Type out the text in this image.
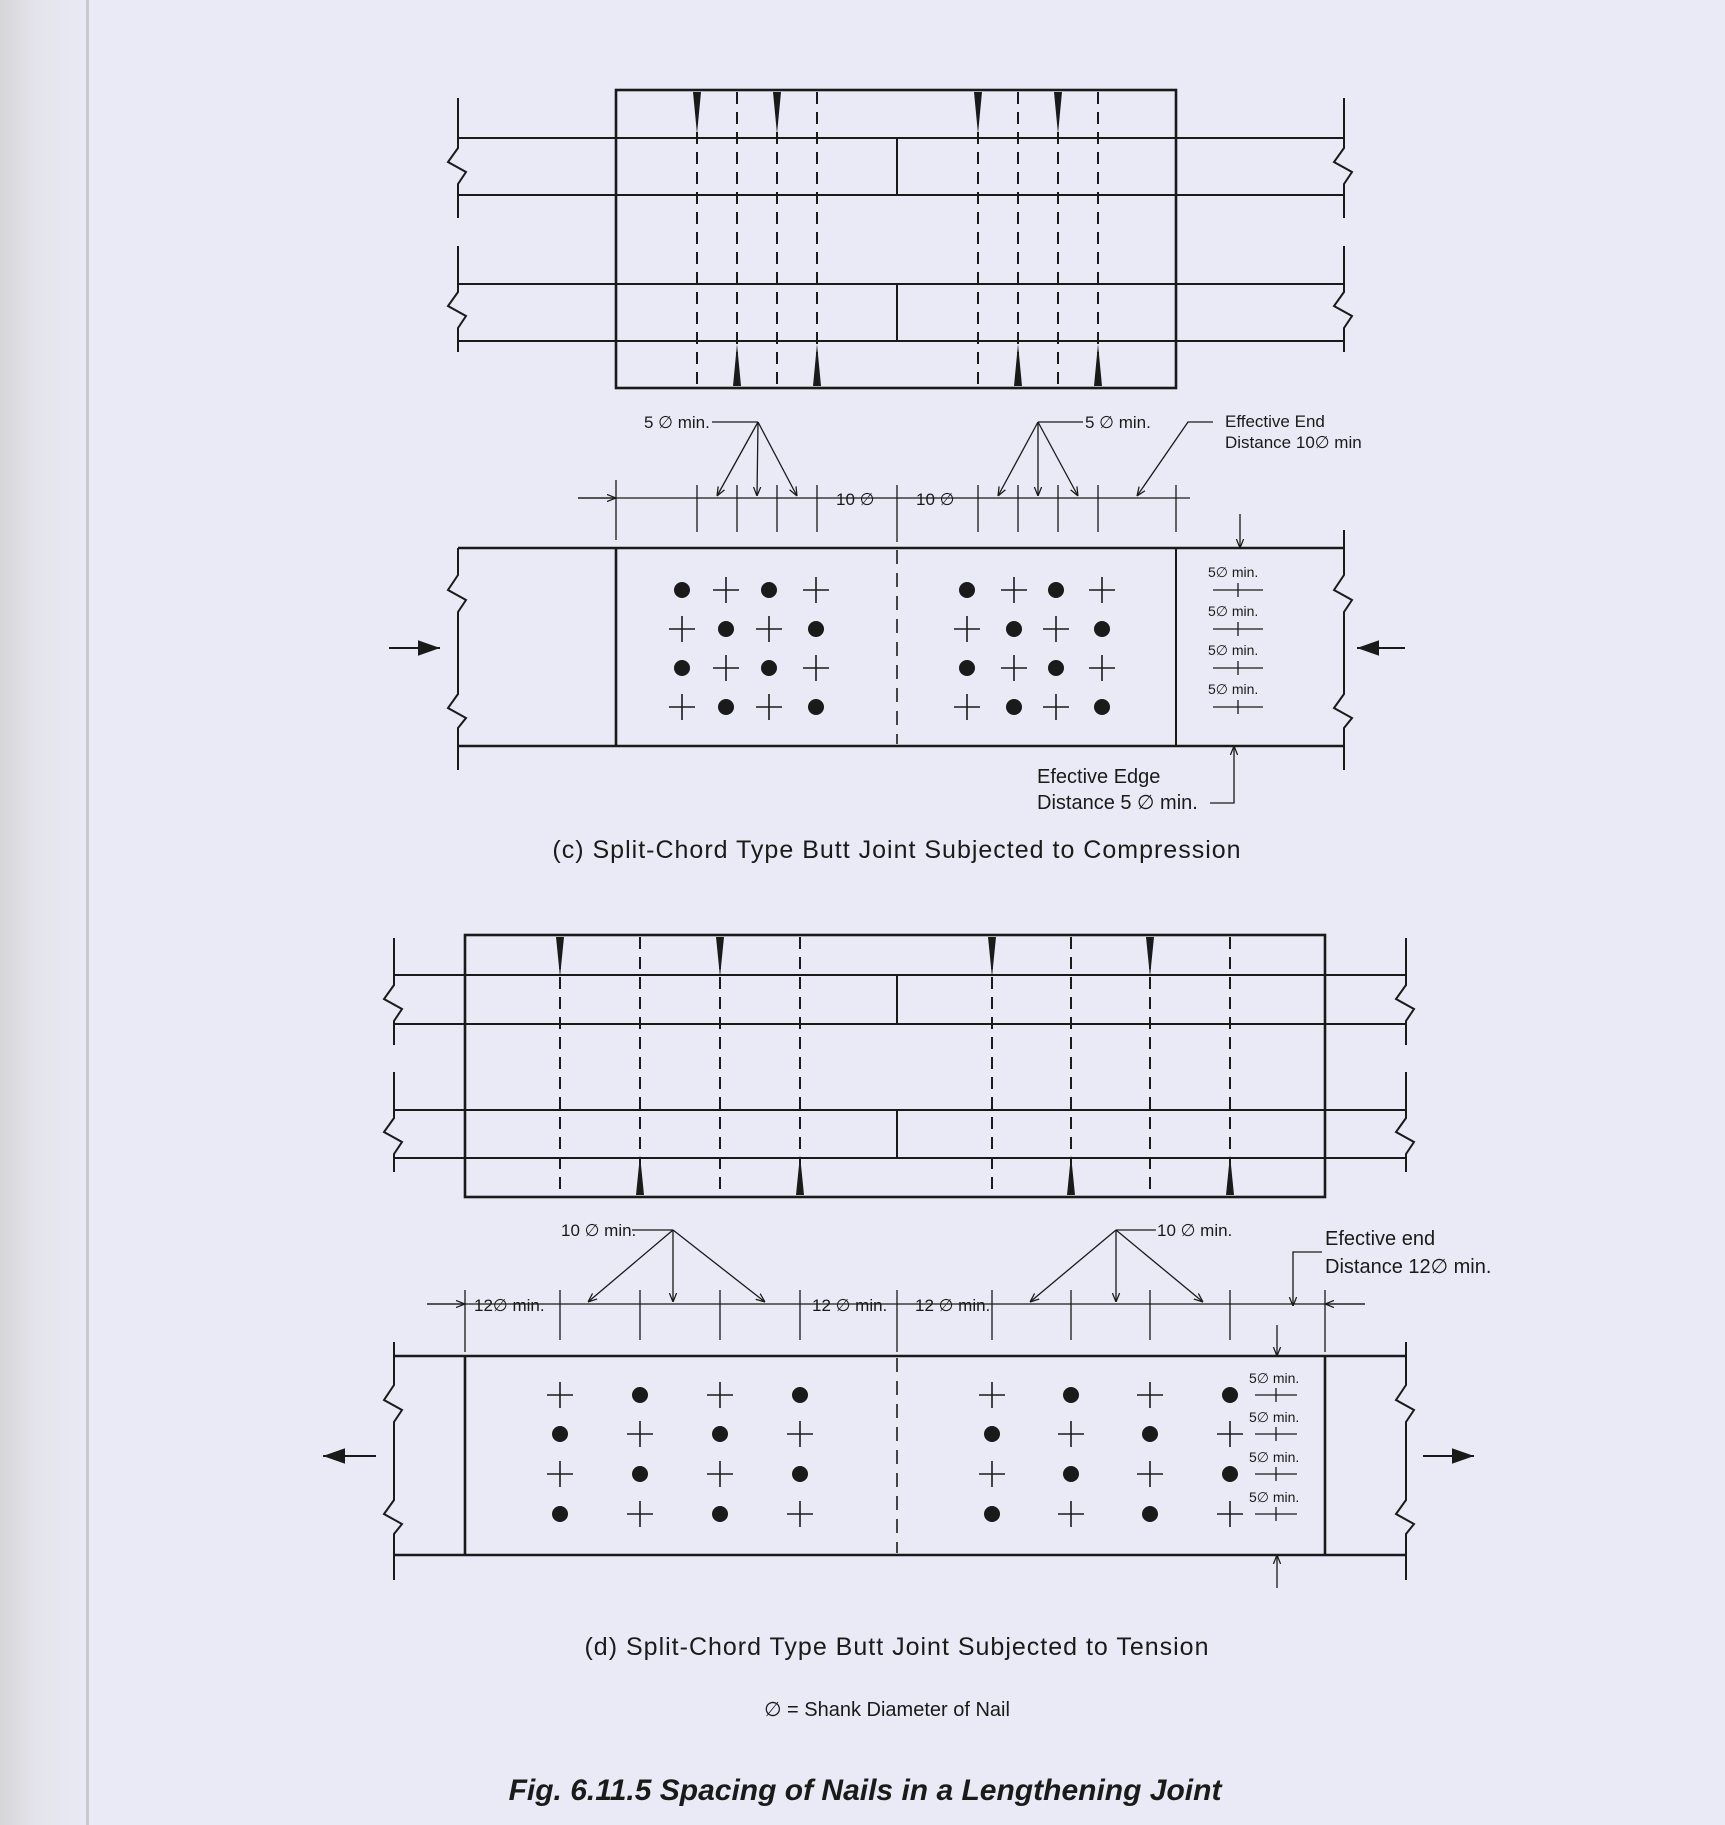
5 ∅ min.	5 ∅ min.	Effective End
Distance 10∅ min
10 ∅ 10 ∅
5∅ min.
5∅ min.
5∅ min.
5∅ min.
Efective Edge
Distance 5 ∅ min.
(c) Split-Chord Type Butt Joint Subjected to Compression
10 ∅ min.	10 ∅ min.	Efective end
Distance 12∅ min.
12∅ min.	12 ∅ min. 12 ∅ min.
5∅ min.
5∅ min.
5∅ min.
5∅ min.
(d) Split-Chord Type Butt Joint Subjected to Tension
∅ = Shank Diameter of Nail
Fig. 6.11.5 Spacing of Nails in a Lengthening Joint
